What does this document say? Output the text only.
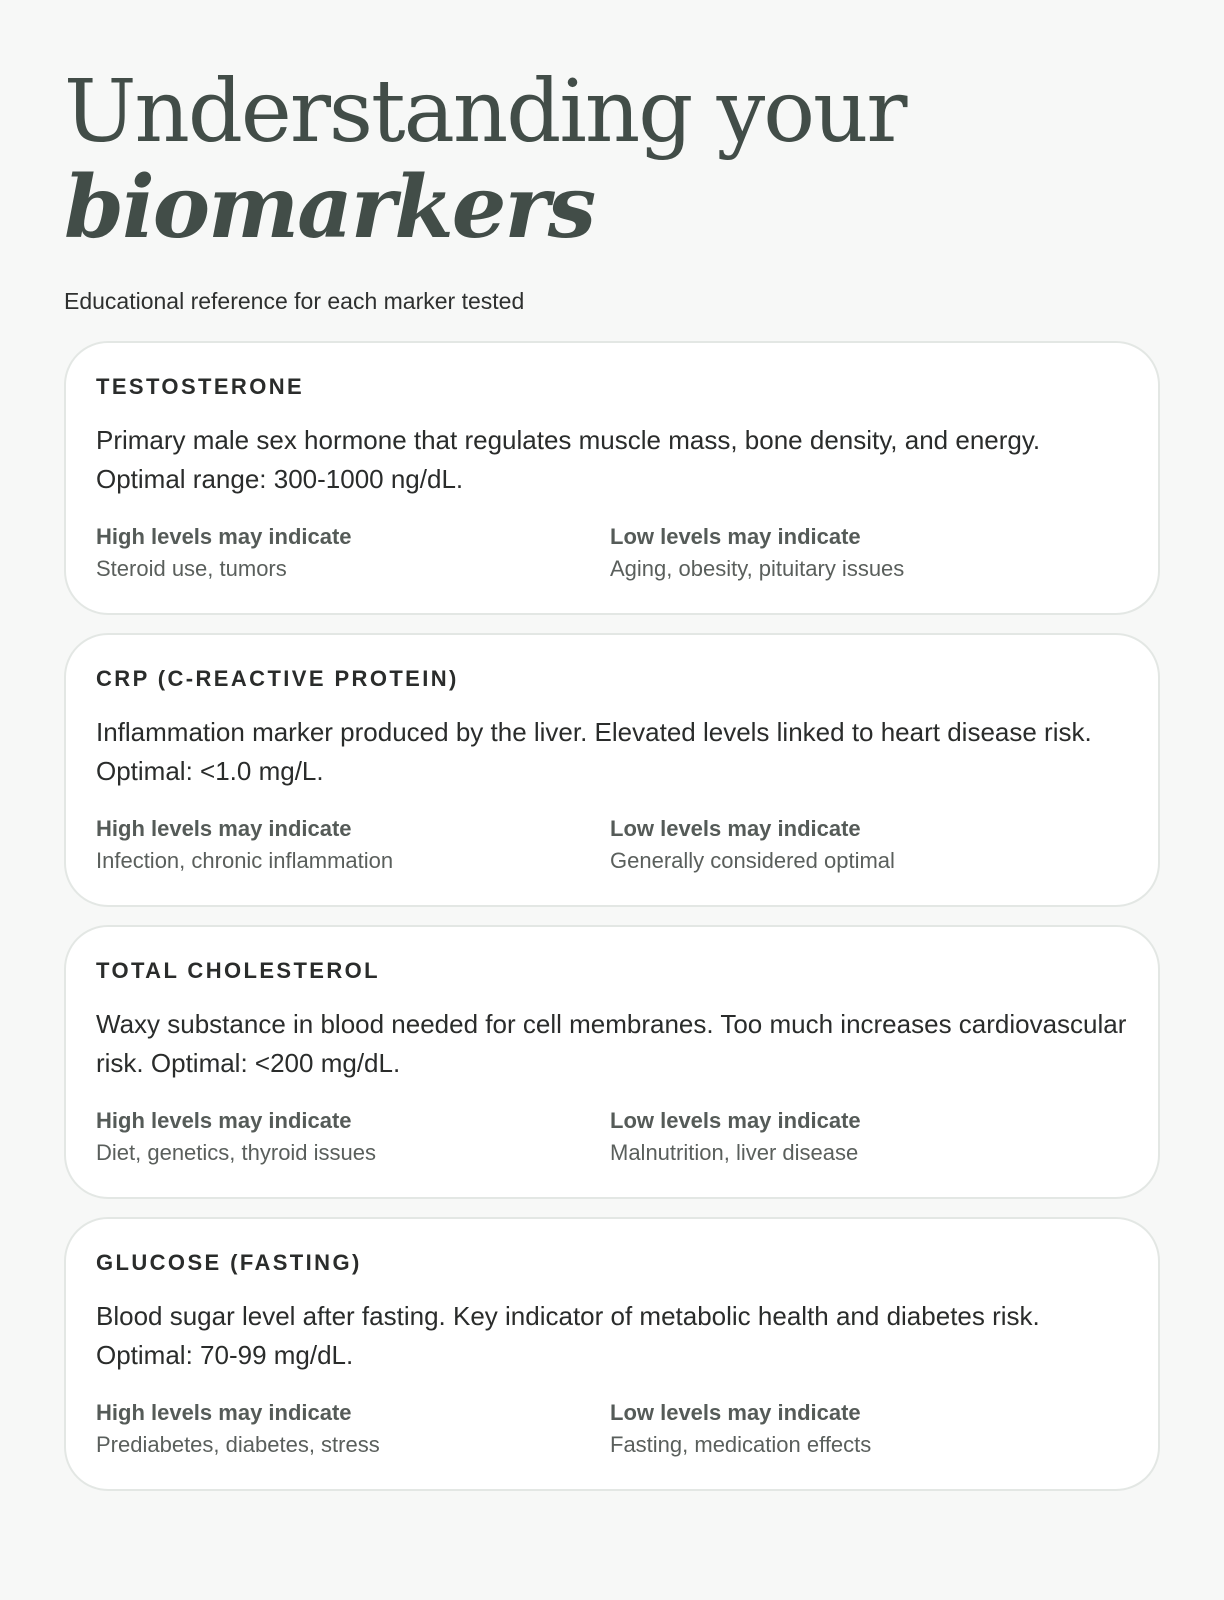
Understanding your
biomarkers

Educational reference for each marker tested

TESTOSTERONE

Primary male sex hormone that regulates muscle mass, bone density, and energy. Optimal range: 300-1000 ng/dL.

High levels may indicate
Steroid use, tumors
Low levels may indicate
Aging, obesity, pituitary issues
CRP (C-REACTIVE PROTEIN)

Inflammation marker produced by the liver. Elevated levels linked to heart disease risk. Optimal: <1.0 mg/L.

High levels may indicate
Infection, chronic inflammation
Low levels may indicate
Generally considered optimal
TOTAL CHOLESTEROL

Waxy substance in blood needed for cell membranes. Too much increases cardiovascular risk. Optimal: <200 mg/dL.

High levels may indicate
Diet, genetics, thyroid issues
Low levels may indicate
Malnutrition, liver disease
GLUCOSE (FASTING)

Blood sugar level after fasting. Key indicator of metabolic health and diabetes risk. Optimal: 70-99 mg/dL.

High levels may indicate
Prediabetes, diabetes, stress
Low levels may indicate
Fasting, medication effects
